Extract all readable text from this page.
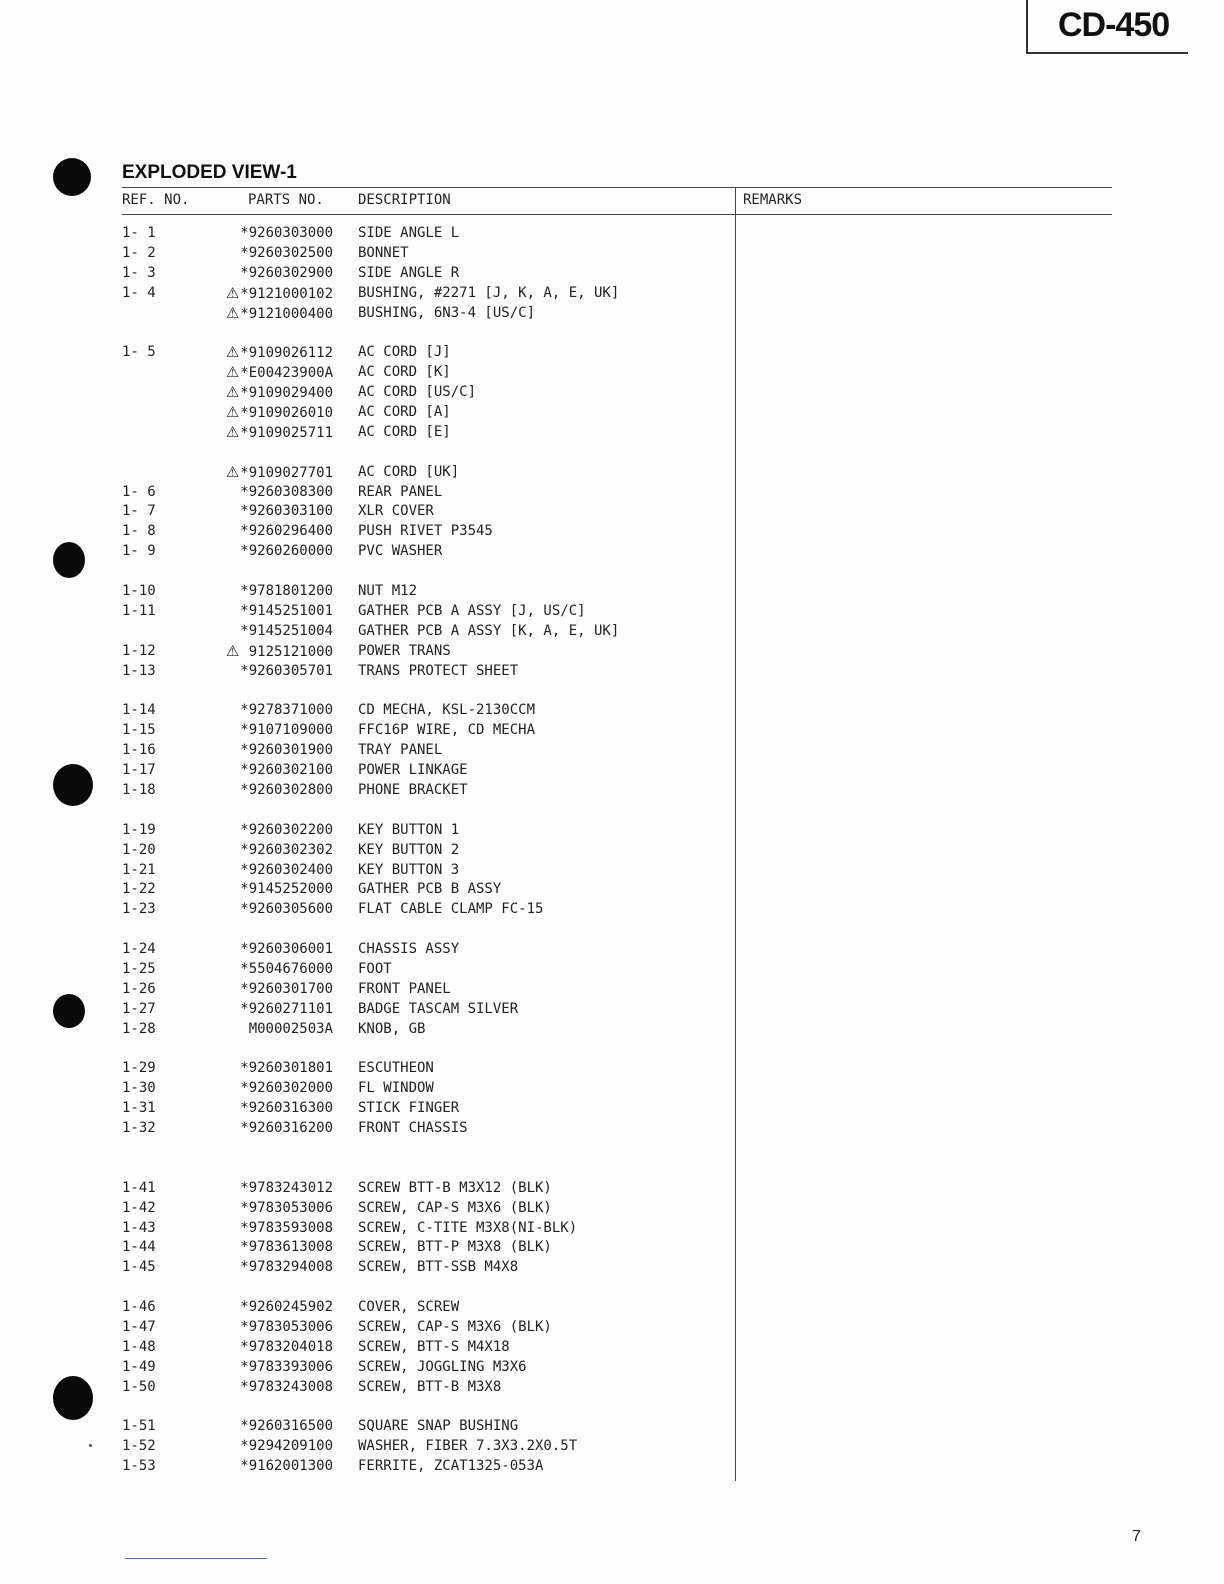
CD-450
EXPLODED VIEW-1
REF. NO.	PARTS NO. DESCRIPTION	REMARKS
1- 1	*9260303000 SIDE ANGLE L
1- 2	*9260302500 BONNET
1- 3	*9260302900 SIDE ANGLE R
1- 4	⚠*9121000102 BUSHING, #2271 [J, K, A, E, UK]
⚠*9121000400 BUSHING, 6N3-4 [US/C]
1- 5	⚠*9109026112 AC CORD [J]
⚠*E00423900A AC CORD [K]
⚠*9109029400 AC CORD [US/C]
⚠*9109026010 AC CORD [A]
⚠*9109025711 AC CORD [E]
⚠*9109027701 AC CORD [UK]
1- 6	*9260308300 REAR PANEL
1- 7	*9260303100 XLR COVER
1- 8	*9260296400 PUSH RIVET P3545
1- 9	*9260260000 PVC WASHER
1-10	*9781801200 NUT M12
1-11	*9145251001 GATHER PCB A ASSY [J, US/C]
*9145251004 GATHER PCB A ASSY [K, A, E, UK]
1-12	⚠ 9125121000 POWER TRANS
1-13	*9260305701 TRANS PROTECT SHEET
1-14	*9278371000 CD MECHA, KSL-2130CCM
1-15	*9107109000 FFC16P WIRE, CD MECHA
1-16	*9260301900 TRAY PANEL
1-17	*9260302100 POWER LINKAGE
1-18	*9260302800 PHONE BRACKET
1-19	*9260302200 KEY BUTTON 1
1-20	*9260302302 KEY BUTTON 2
1-21	*9260302400 KEY BUTTON 3
1-22	*9145252000 GATHER PCB B ASSY
1-23	*9260305600 FLAT CABLE CLAMP FC-15
1-24	*9260306001 CHASSIS ASSY
1-25	*5504676000 FOOT
1-26	*9260301700 FRONT PANEL
1-27	*9260271101 BADGE TASCAM SILVER
1-28	M00002503A KNOB, GB
1-29	*9260301801 ESCUTHEON
1-30	*9260302000 FL WINDOW
1-31	*9260316300 STICK FINGER
1-32	*9260316200 FRONT CHASSIS
1-41	*9783243012 SCREW BTT-B M3X12 (BLK)
1-42	*9783053006 SCREW, CAP-S M3X6 (BLK)
1-43	*9783593008 SCREW, C-TITE M3X8(NI-BLK)
1-44	*9783613008 SCREW, BTT-P M3X8 (BLK)
1-45	*9783294008 SCREW, BTT-SSB M4X8
1-46	*9260245902 COVER, SCREW
1-47	*9783053006 SCREW, CAP-S M3X6 (BLK)
1-48	*9783204018 SCREW, BTT-S M4X18
1-49	*9783393006 SCREW, JOGGLING M3X6
1-50	*9783243008 SCREW, BTT-B M3X8
1-51	*9260316500 SQUARE SNAP BUSHING
1-52	*9294209100 WASHER, FIBER 7.3X3.2X0.5T
1-53	*9162001300 FERRITE, ZCAT1325-053A
7
